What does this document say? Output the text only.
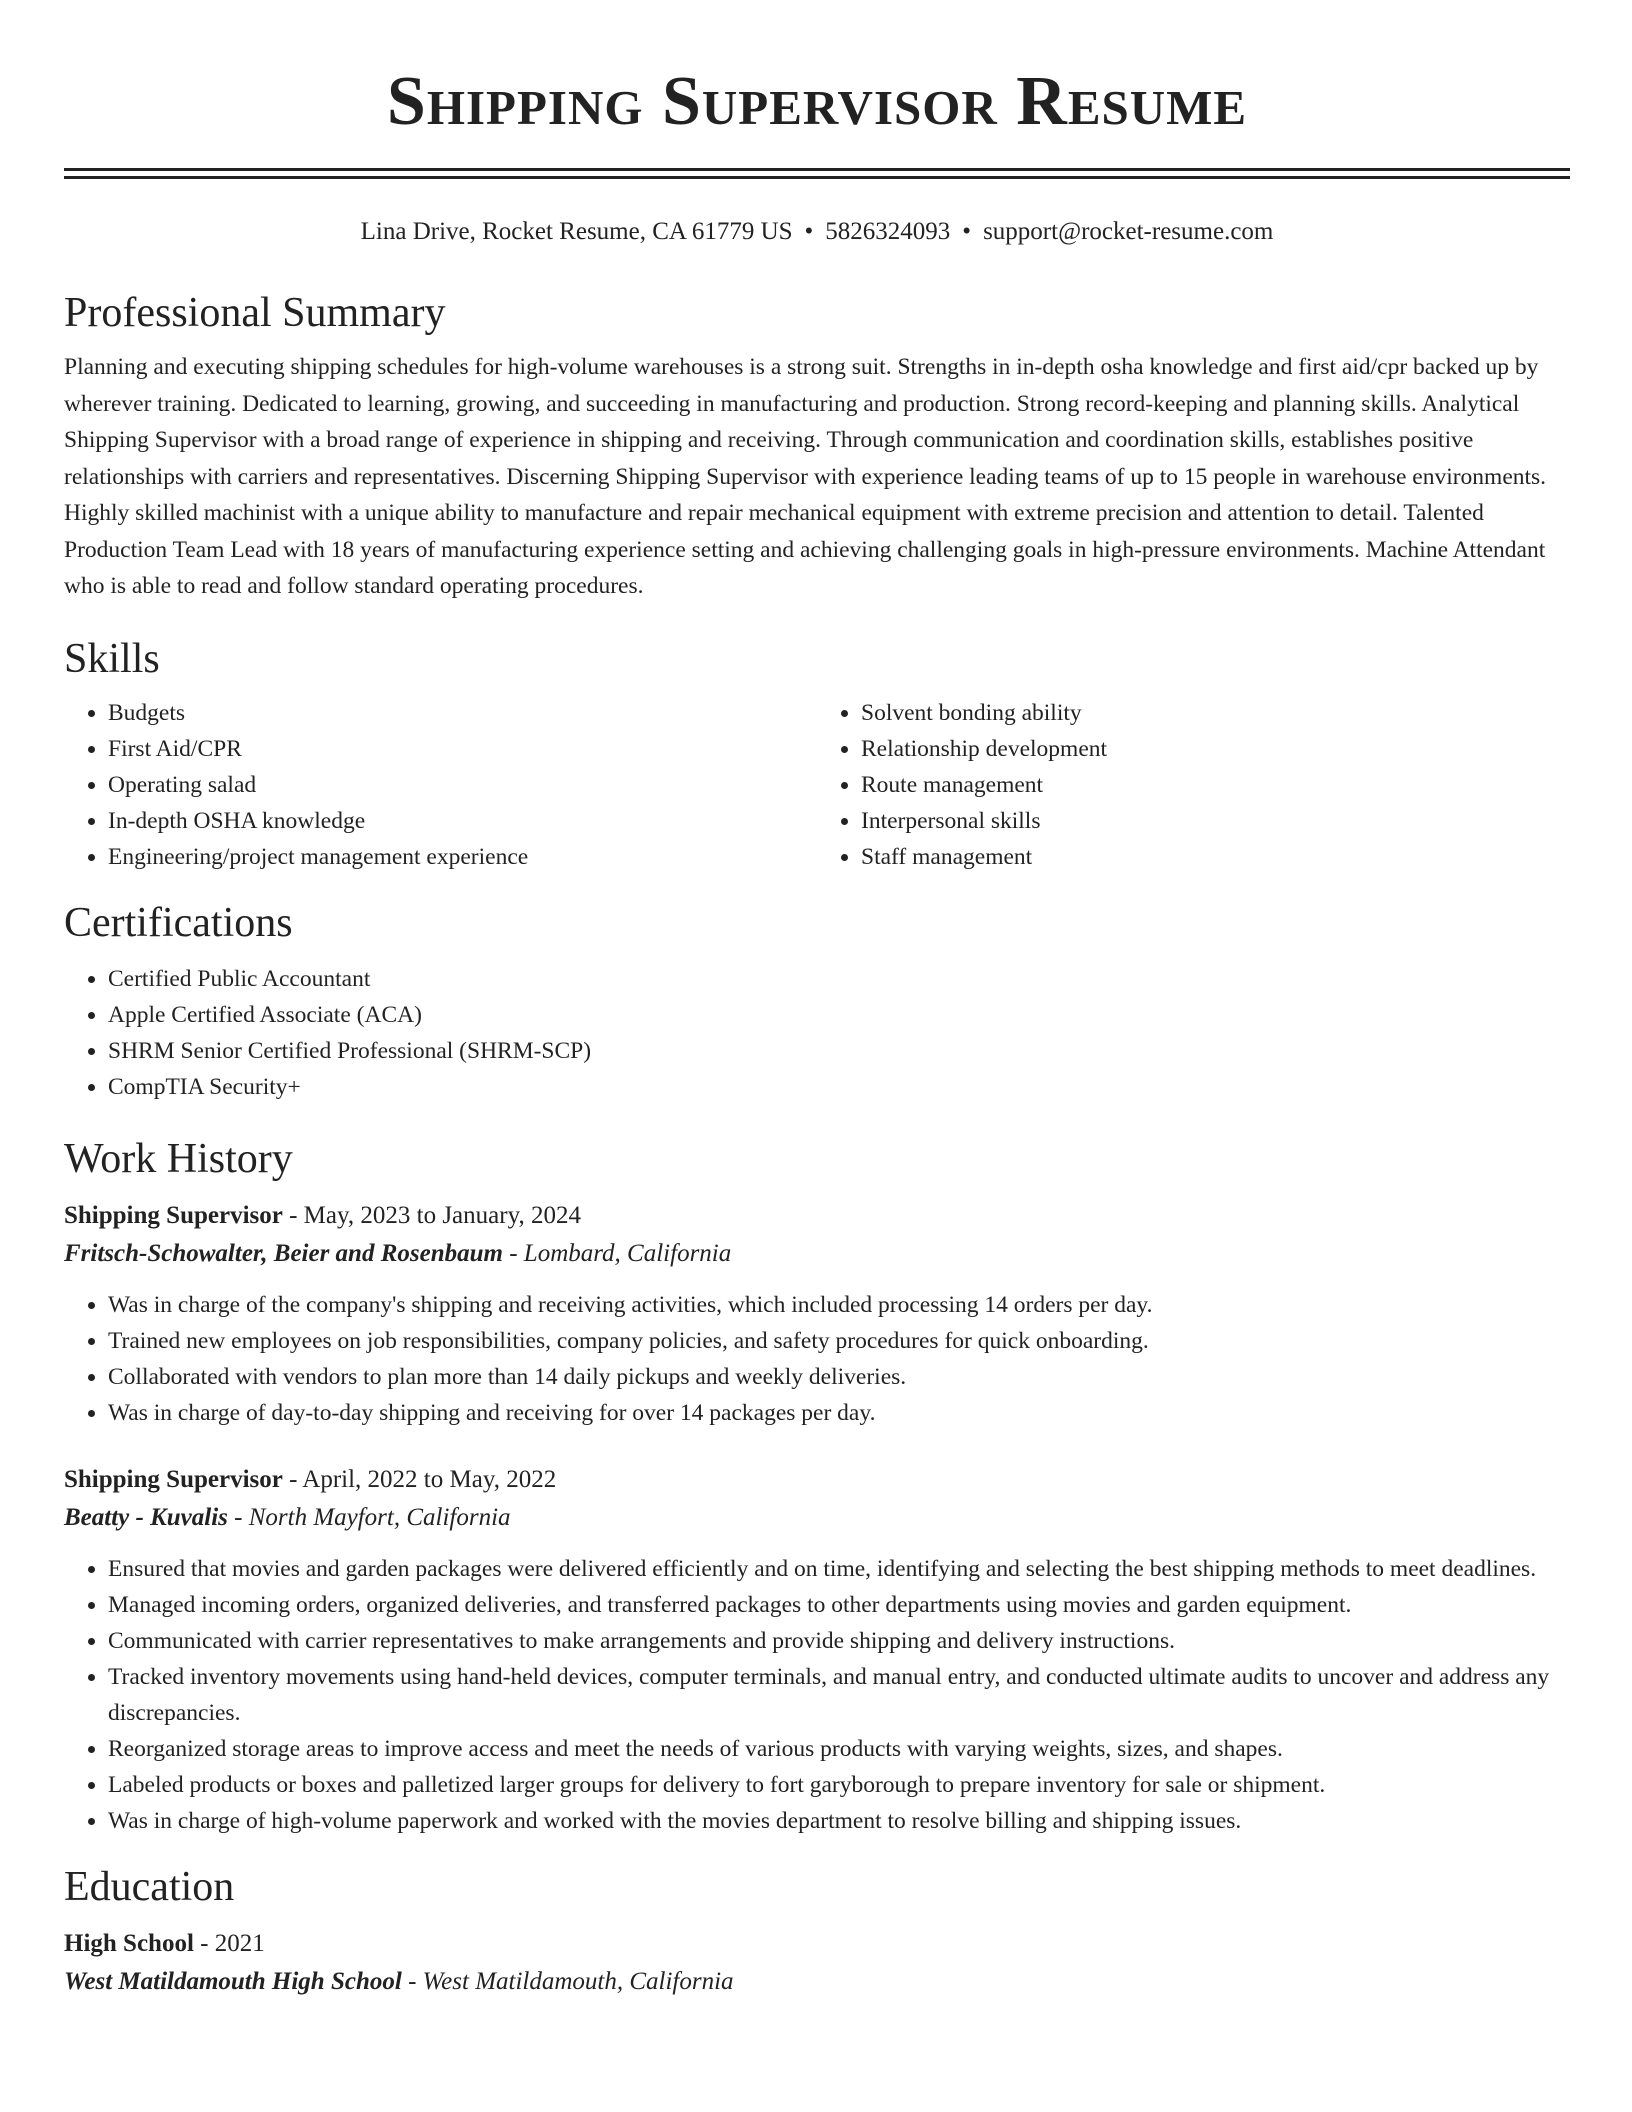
Shipping Supervisor Resume
Lina Drive, Rocket Resume, CA 61779 US • 5826324093 • support@rocket-resume.com
Professional Summary

Planning and executing shipping schedules for high-volume warehouses is a strong suit. Strengths in in-depth osha knowledge and first aid/cpr backed up by wherever training. Dedicated to learning, growing, and succeeding in manufacturing and production. Strong record-keeping and planning skills. Analytical Shipping Supervisor with a broad range of experience in shipping and receiving. Through communication and coordination skills, establishes positive relationships with carriers and representatives. Discerning Shipping Supervisor with experience leading teams of up to 15 people in warehouse environments. Highly skilled machinist with a unique ability to manufacture and repair mechanical equipment with extreme precision and attention to detail. Talented Production Team Lead with 18 years of manufacturing experience setting and achieving challenging goals in high-pressure environments. Machine Attendant who is able to read and follow standard operating procedures.

Skills
• Budgets
• First Aid/CPR
• Operating salad
• In-depth OSHA knowledge
• Engineering/project management experience
• Solvent bonding ability
• Relationship development
• Route management
• Interpersonal skills
• Staff management
Certifications
• Certified Public Accountant
• Apple Certified Associate (ACA)
• SHRM Senior Certified Professional (SHRM-SCP)
• CompTIA Security+
Work History
Shipping Supervisor - May, 2023 to January, 2024
Fritsch-Schowalter, Beier and Rosenbaum - Lombard, California
• Was in charge of the company's shipping and receiving activities, which included processing 14 orders per day.
• Trained new employees on job responsibilities, company policies, and safety procedures for quick onboarding.
• Collaborated with vendors to plan more than 14 daily pickups and weekly deliveries.
• Was in charge of day-to-day shipping and receiving for over 14 packages per day.
Shipping Supervisor - April, 2022 to May, 2022
Beatty - Kuvalis - North Mayfort, California
• Ensured that movies and garden packages were delivered efficiently and on time, identifying and selecting the best shipping methods to meet deadlines.
• Managed incoming orders, organized deliveries, and transferred packages to other departments using movies and garden equipment.
• Communicated with carrier representatives to make arrangements and provide shipping and delivery instructions.
• Tracked inventory movements using hand-held devices, computer terminals, and manual entry, and conducted ultimate audits to uncover and address any discrepancies.
• Reorganized storage areas to improve access and meet the needs of various products with varying weights, sizes, and shapes.
• Labeled products or boxes and palletized larger groups for delivery to fort garyborough to prepare inventory for sale or shipment.
• Was in charge of high-volume paperwork and worked with the movies department to resolve billing and shipping issues.
Education
High School - 2021
West Matildamouth High School - West Matildamouth, California
